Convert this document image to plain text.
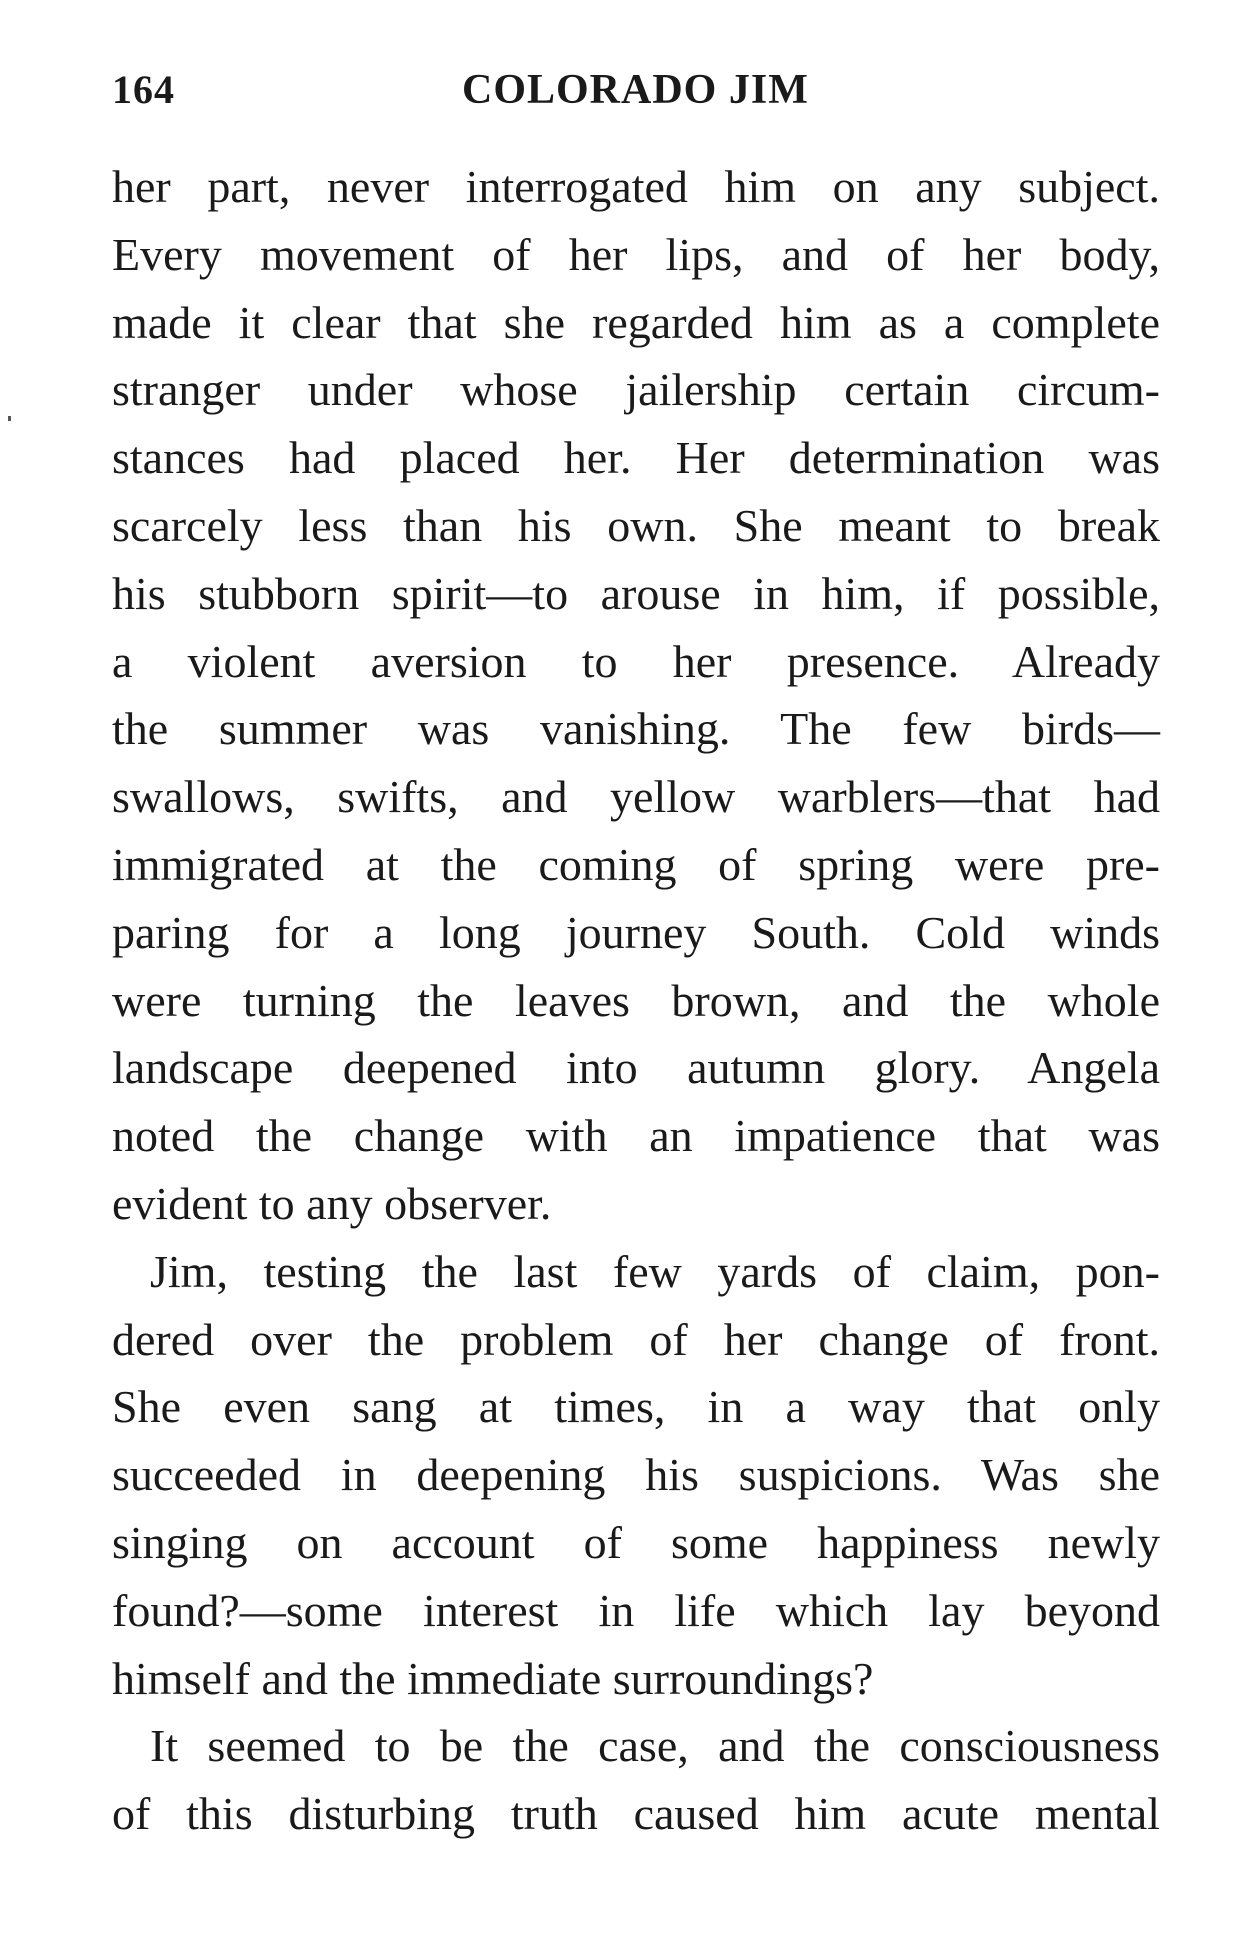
164	COLORADO JIM
her part, never interrogated him on any subject.
Every movement of her lips, and of her body,
made it clear that she regarded him as a complete
stranger under whose jailership certain circum-
stances had placed her. Her determination was
scarcely less than his own. She meant to break
his stubborn spirit—to arouse in him, if possible,
a violent aversion to her presence. Already
the summer was vanishing. The few birds—
swallows, swifts, and yellow warblers—that had
immigrated at the coming of spring were pre-
paring for a long journey South. Cold winds
were turning the leaves brown, and the whole
landscape deepened into autumn glory. Angela
noted the change with an impatience that was
evident to any observer.
Jim, testing the last few yards of claim, pon-
dered over the problem of her change of front.
She even sang at times, in a way that only
succeeded in deepening his suspicions. Was she
singing on account of some happiness newly
found?—some interest in life which lay beyond
himself and the immediate surroundings?
It seemed to be the case, and the consciousness
of this disturbing truth caused him acute mental
